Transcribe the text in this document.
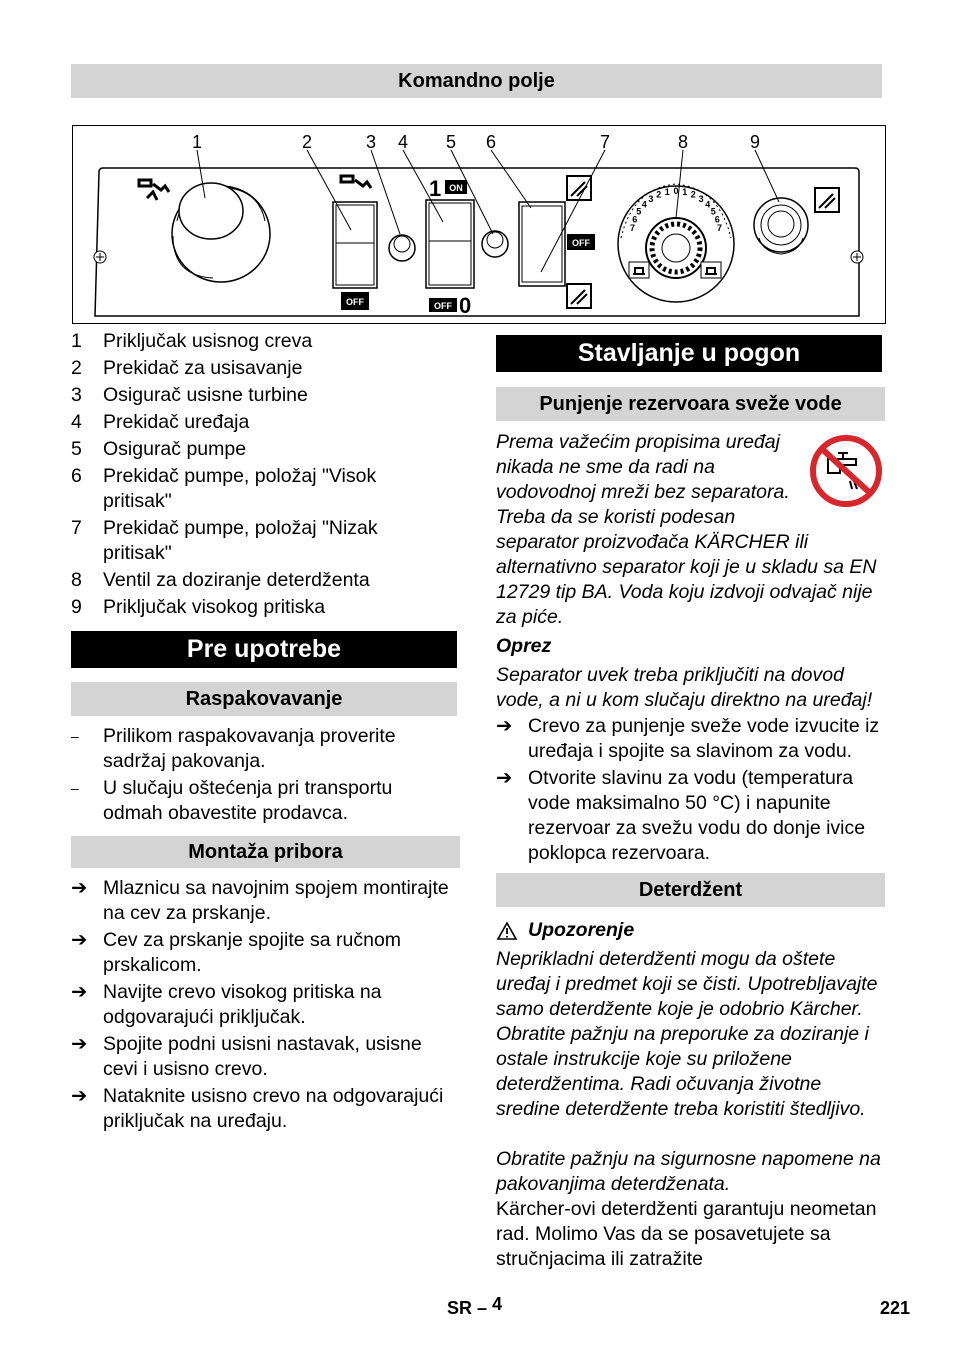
Komandno polje
OFF
1 ON
OFF 0
OFF
7
6
5
4
3 2 1 0 1 2 3
4
5
6
7
1	2	3 4 5 6	7	8	9
1	Priključak usisnog creva
2	Prekidač za usisavanje
3	Osigurač usisne turbine
4	Prekidač uređaja
5	Osigurač pumpe
6	Prekidač pumpe, položaj "Visok pritisak"
7	Prekidač pumpe, položaj "Nizak pritisak"
8	Ventil za doziranje deterdženta
9	Priključak visokog pritiska
Pre upotrebe
Raspakovavanje
–	Prilikom raspakovavanja proverite sadržaj pakovanja.
–	U slučaju oštećenja pri transportu odmah obavestite prodavca.
Montaža pribora
➔ Mlaznicu sa navojnim spojem montirajte na cev za prskanje.
➔ Cev za prskanje spojite sa ručnom prskalicom.
➔ Navijte crevo visokog pritiska na odgovarajući priključak.
➔ Spojite podni usisni nastavak, usisne cevi i usisno crevo.
➔ Nataknite usisno crevo na odgovarajući priključak na uređaju.
Stavljanje u pogon
Punjenje rezervoara sveže vode
Prema važećim propisima uređaj nikada ne sme da radi na vodovodnoj mreži bez separatora. Treba da se koristi podesan separator proizvođača KÄRCHER ili alternativno separator koji je u skladu sa EN 12729 tip BA. Voda koju izdvoji odvajač nije za piće.
Oprez
Separator uvek treba priključiti na dovod vode, a ni u kom slučaju direktno na uređaj!
➔ Crevo za punjenje sveže vode izvucite iz uređaja i spojite sa slavinom za vodu.
➔ Otvorite slavinu za vodu (temperatura vode maksimalno 50 °C) i napunite rezervoar za svežu vodu do donje ivice poklopca rezervoara.
Deterdžent
Upozorenje
Neprikladni deterdženti mogu da oštete uređaj i predmet koji se čisti. Upotrebljavajte samo deterdžente koje je odobrio Kärcher. Obratite pažnju na preporuke za doziranje i ostale instrukcije koje su priložene deterdžentima. Radi očuvanja životne sredine deterdžente treba koristiti štedljivo.
Obratite pažnju na sigurnosne napomene na pakovanjima deterdženata.
Kärcher-ovi deterdženti garantuju neometan rad. Molimo Vas da se posavetujete sa stručnjacima ili zatražite
SR – 4	221
